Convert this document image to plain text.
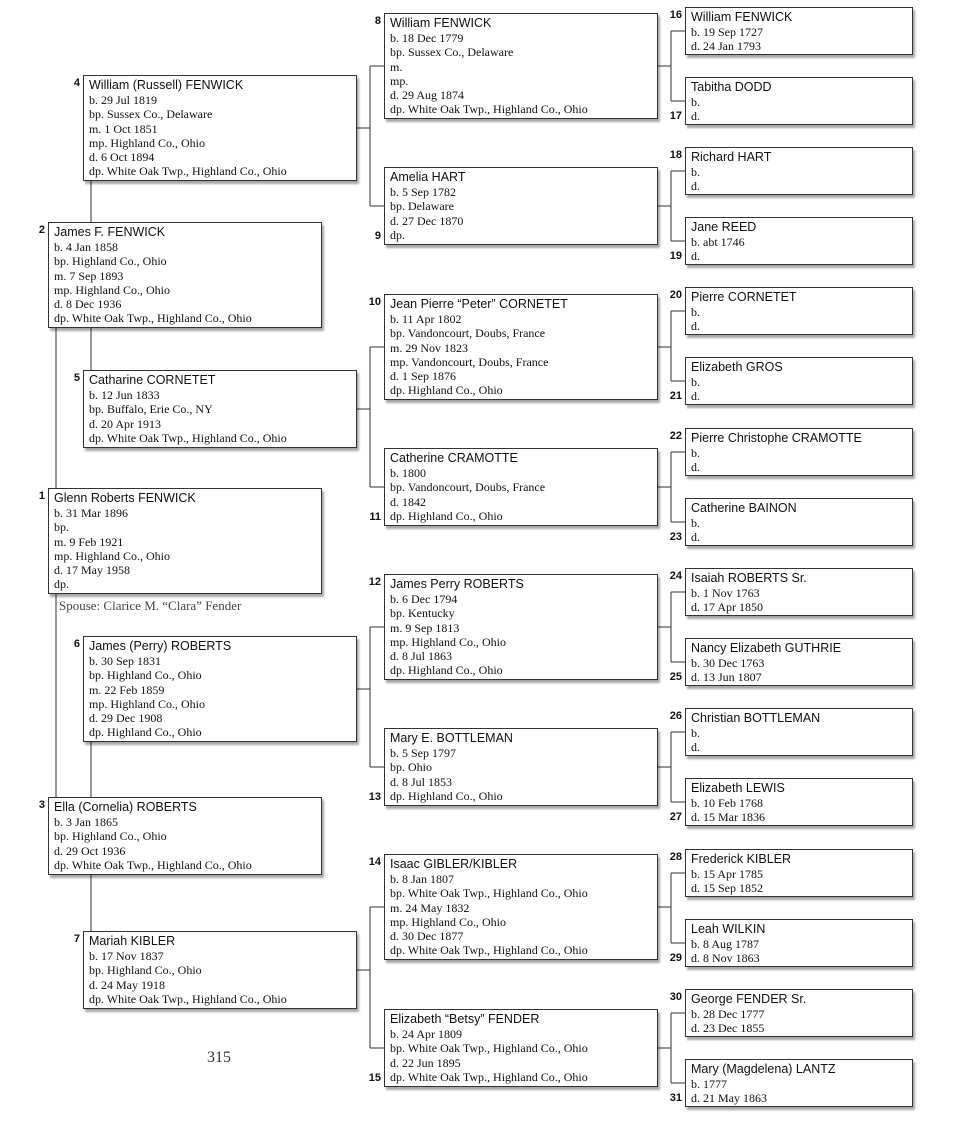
Spouse: Clarice M. “Clara” Fender
315
Glenn Roberts FENWICK
b. 31 Mar 1896
bp.
m. 9 Feb 1921
mp. Highland Co., Ohio
d. 17 May 1958
dp.
1
James F. FENWICK
b. 4 Jan 1858
bp. Highland Co., Ohio
m. 7 Sep 1893
mp. Highland Co., Ohio
d. 8 Dec 1936
dp. White Oak Twp., Highland Co., Ohio
2
Ella (Cornelia) ROBERTS
b. 3 Jan 1865
bp. Highland Co., Ohio
d. 29 Oct 1936
dp. White Oak Twp., Highland Co., Ohio
3
William (Russell) FENWICK
b. 29 Jul 1819
bp. Sussex Co., Delaware
m. 1 Oct 1851
mp. Highland Co., Ohio
d. 6 Oct 1894
dp. White Oak Twp., Highland Co., Ohio
4
Catharine CORNETET
b. 12 Jun 1833
bp. Buffalo, Erie Co., NY
d. 20 Apr 1913
dp. White Oak Twp., Highland Co., Ohio
5
James (Perry) ROBERTS
b. 30 Sep 1831
bp. Highland Co., Ohio
m. 22 Feb 1859
mp. Highland Co., Ohio
d. 29 Dec 1908
dp. Highland Co., Ohio
6
Mariah KIBLER
b. 17 Nov 1837
bp. Highland Co., Ohio
d. 24 May 1918
dp. White Oak Twp., Highland Co., Ohio
7
William FENWICK
b. 18 Dec 1779
bp. Sussex Co., Delaware
m.
mp.
d. 29 Aug 1874
dp. White Oak Twp., Highland Co., Ohio
8
Amelia HART
b. 5 Sep 1782
bp. Delaware
d. 27 Dec 1870
dp.
9
Jean Pierre “Peter” CORNETET
b. 11 Apr 1802
bp. Vandoncourt, Doubs, France
m. 29 Nov 1823
mp. Vandoncourt, Doubs, France
d. 1 Sep 1876
dp. Highland Co., Ohio
10
Catherine CRAMOTTE
b. 1800
bp. Vandoncourt, Doubs, France
d. 1842
dp. Highland Co., Ohio
11
James Perry ROBERTS
b. 6 Dec 1794
bp. Kentucky
m. 9 Sep 1813
mp. Highland Co., Ohio
d. 8 Jul 1863
dp. Highland Co., Ohio
12
Mary E. BOTTLEMAN
b. 5 Sep 1797
bp. Ohio
d. 8 Jul 1853
dp. Highland Co., Ohio
13
Isaac GIBLER/KIBLER
b. 8 Jan 1807
bp. White Oak Twp., Highland Co., Ohio
m. 24 May 1832
mp. Highland Co., Ohio
d. 30 Dec 1877
dp. White Oak Twp., Highland Co., Ohio
14
Elizabeth “Betsy” FENDER
b. 24 Apr 1809
bp. White Oak Twp., Highland Co., Ohio
d. 22 Jun 1895
dp. White Oak Twp., Highland Co., Ohio
15
William FENWICK
b. 19 Sep 1727
d. 24 Jan 1793
16
Tabitha DODD
b.
d.
17
Richard HART
b.
d.
18
Jane REED
b. abt 1746
d.
19
Pierre CORNETET
b.
d.
20
Elizabeth GROS
b.
d.
21
Pierre Christophe CRAMOTTE
b.
d.
22
Catherine BAINON
b.
d.
23
Isaiah ROBERTS Sr.
b. 1 Nov 1763
d. 17 Apr 1850
24
Nancy Elizabeth GUTHRIE
b. 30 Dec 1763
d. 13 Jun 1807
25
Christian BOTTLEMAN
b.
d.
26
Elizabeth LEWIS
b. 10 Feb 1768
d. 15 Mar 1836
27
Frederick KIBLER
b. 15 Apr 1785
d. 15 Sep 1852
28
Leah WILKIN
b. 8 Aug 1787
d. 8 Nov 1863
29
George FENDER Sr.
b. 28 Dec 1777
d. 23 Dec 1855
30
Mary (Magdelena) LANTZ
b. 1777
d. 21 May 1863
31
